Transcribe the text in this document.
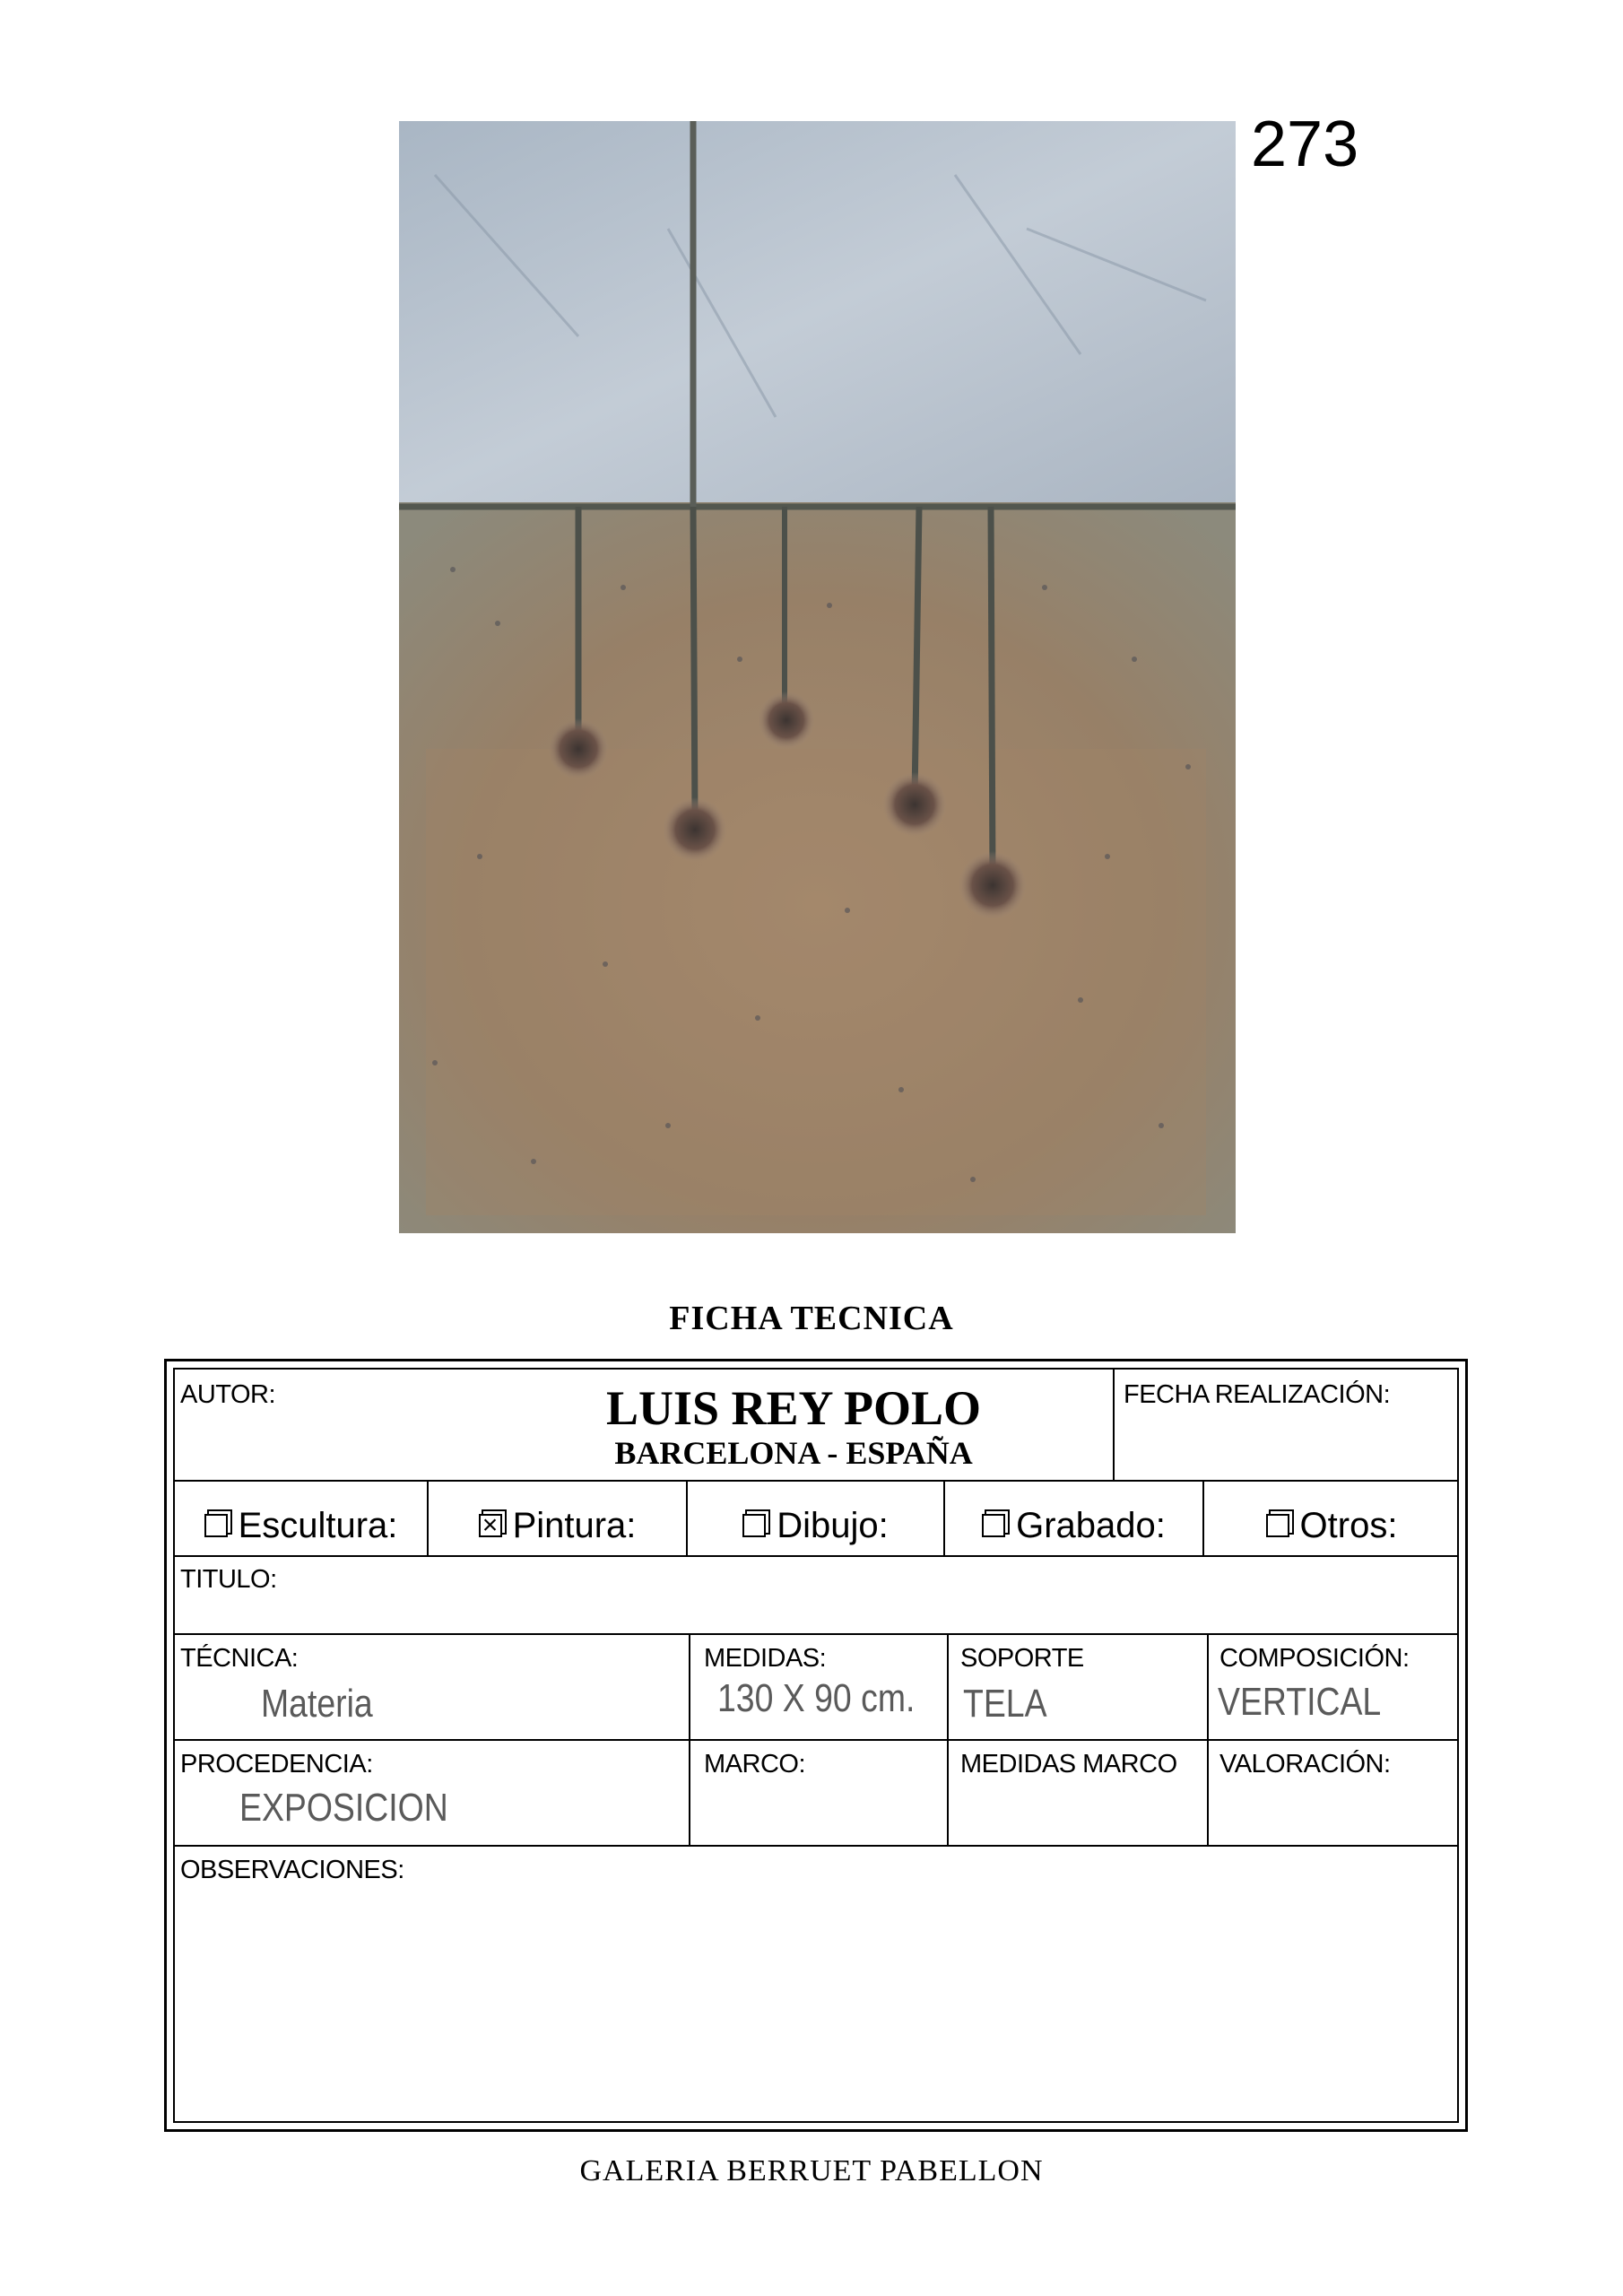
273
FICHA TECNICA
AUTOR:	LUIS REY POLO
BARCELONA - ESPAÑA
FECHA REALIZACIÓN:
Escultura:
×	Pintura:	Dibujo:	Grabado:	Otros:
TITULO:
TÉCNICA:
Materia
MEDIDAS:
130 X 90 cm.
SOPORTE
TELA
COMPOSICIÓN:
VERTICAL
PROCEDENCIA:
EXPOSICION
MARCO:	MEDIDAS MARCO VALORACIÓN:
OBSERVACIONES:
GALERIA BERRUET PABELLON
